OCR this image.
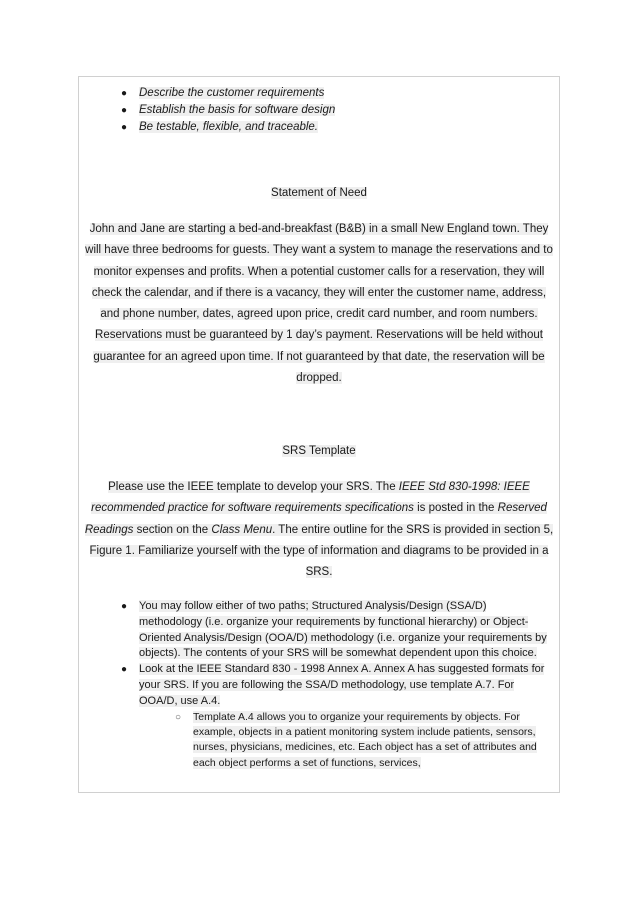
● Describe the customer requirements
● Establish the basis for software design
● Be testable, flexible, and traceable.
Statement of Need
John and Jane are starting a bed-and-breakfast (B&B) in a small New England town. They will have three bedrooms for guests. They want a system to manage the reservations and to monitor expenses and profits. When a potential customer calls for a reservation, they will check the calendar, and if there is a vacancy, they will enter the customer name, address, and phone number, dates, agreed upon price, credit card number, and room numbers. Reservations must be guaranteed by 1 day’s payment. Reservations will be held without guarantee for an agreed upon time. If not guaranteed by that date, the reservation will be dropped.
SRS Template
Please use the IEEE template to develop your SRS. The IEEE Std 830-1998: IEEE recommended practice for software requirements specifications is posted in the Reserved Readings section on the Class Menu. The entire outline for the SRS is provided in section 5, Figure 1. Familiarize yourself with the type of information and diagrams to be provided in a SRS.
● You may follow either of two paths; Structured Analysis/Design (SSA/D) methodology (i.e. organize your requirements by functional hierarchy) or Object-Oriented Analysis/Design (OOA/D) methodology (i.e. organize your requirements by objects). The contents of your SRS will be somewhat dependent upon this choice.
● Look at the IEEE Standard 830 - 1998 Annex A. Annex A has suggested formats for your SRS. If you are following the SSA/D methodology, use template A.7. For OOA/D, use A.4.
○ Template A.4 allows you to organize your requirements by objects. For example, objects in a patient monitoring system include patients, sensors, nurses, physicians, medicines, etc. Each object has a set of attributes and each object performs a set of functions, services,
